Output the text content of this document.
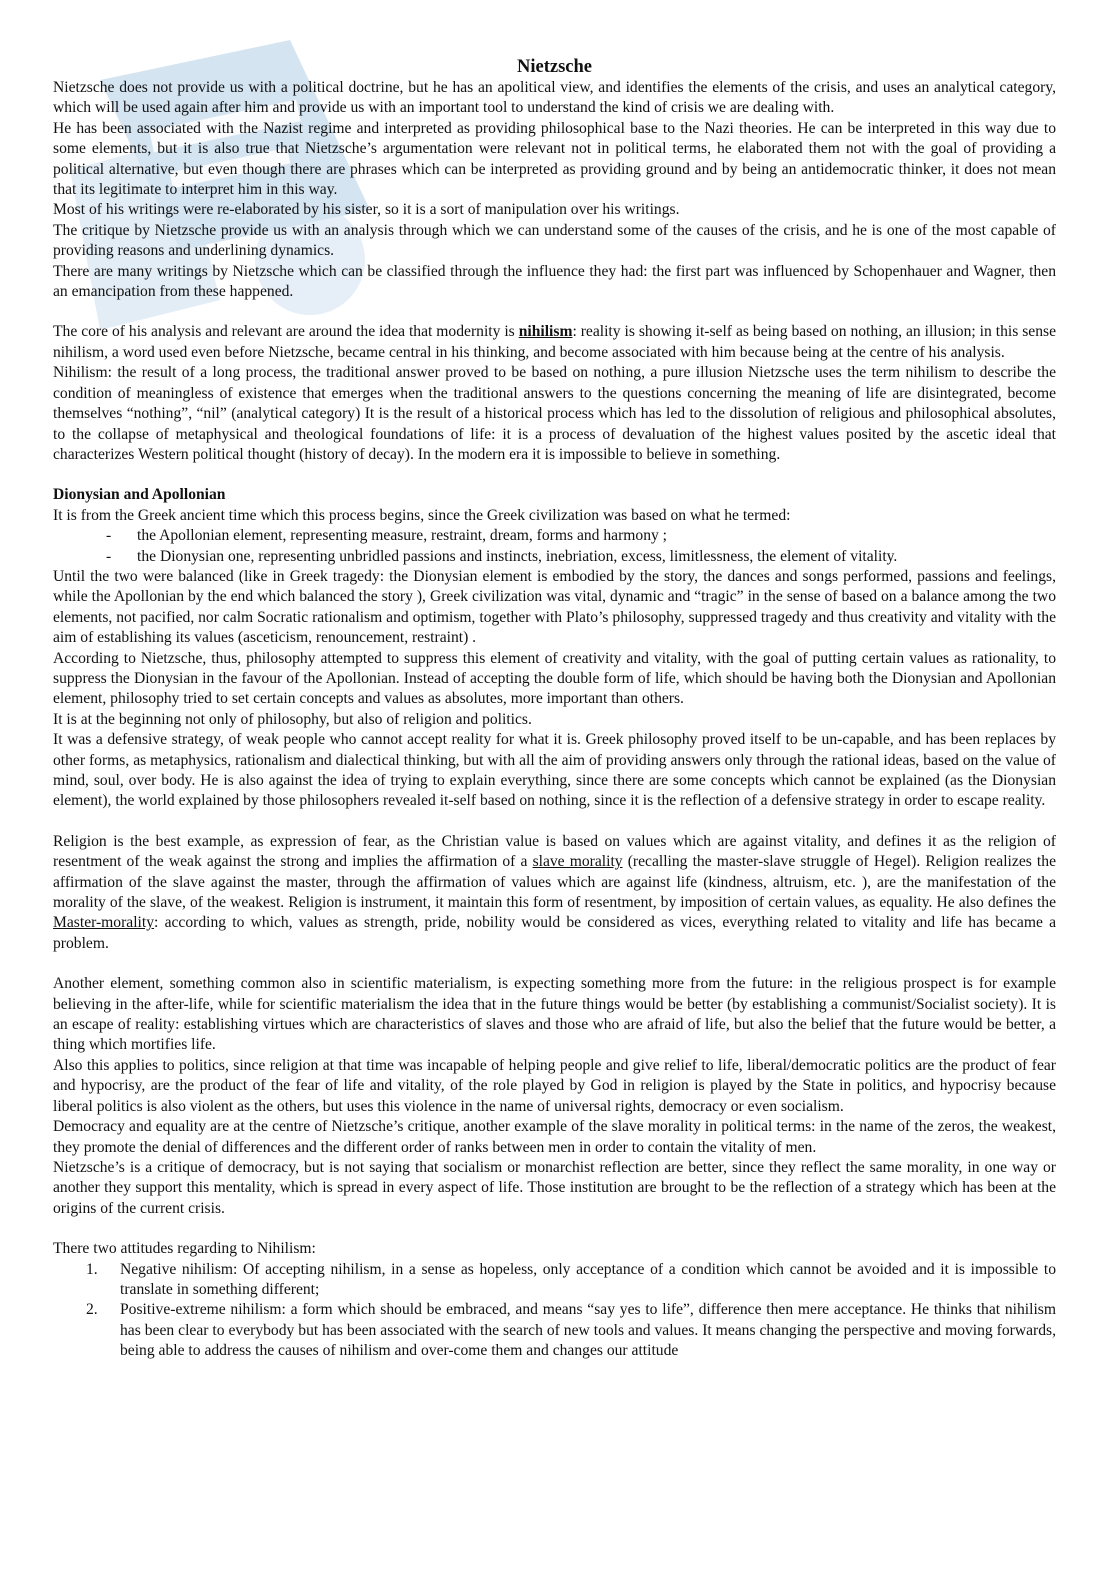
Nietzsche

Nietzsche does not provide us with a political doctrine, but he has an apolitical view, and identifies the elements of the crisis, and uses an analytical category, which will be used again after him and provide us with an important tool to understand the kind of crisis we are dealing with.

He has been associated with the Nazist regime and interpreted as providing philosophical base to the Nazi theories. He can be interpreted in this way due to some elements, but it is also true that Nietzsche’s argumentation were relevant not in political terms, he elaborated them not with the goal of providing a political alternative, but even though there are phrases which can be interpreted as providing ground and by being an antidemocratic thinker, it does not mean that its legitimate to interpret him in this way.

Most of his writings were re-elaborated by his sister, so it is a sort of manipulation over his writings.

The critique by Nietzsche provide us with an analysis through which we can understand some of the causes of the crisis, and he is one of the most capable of providing reasons and underlining dynamics.

There are many writings by Nietzsche which can be classified through the influence they had: the first part was influenced by Schopenhauer and Wagner, then an emancipation from these happened.

The core of his analysis and relevant are around the idea that modernity is nihilism: reality is showing it-self as being based on nothing, an illusion; in this sense nihilism, a word used even before Nietzsche, became central in his thinking, and become associated with him because being at the centre of his analysis.

Nihilism: the result of a long process, the traditional answer proved to be based on nothing, a pure illusion Nietzsche uses the term nihilism to describe the condition of meaningless of existence that emerges when the traditional answers to the questions concerning the meaning of life are disintegrated, become themselves “nothing”, “nil” (analytical category) It is the result of a historical process which has led to the dissolution of religious and philosophical absolutes, to the collapse of metaphysical and theological foundations of life: it is a process of devaluation of the highest values posited by the ascetic ideal that characterizes Western political thought (history of decay). In the modern era it is impossible to believe in something.

Dionysian and Apollonian

It is from the Greek ancient time which this process begins, since the Greek civilization was based on what he termed:

- the Apollonian element, representing measure, restraint, dream, forms and harmony ;
- the Dionysian one, representing unbridled passions and instincts, inebriation, excess, limitlessness, the element of vitality.

Until the two were balanced (like in Greek tragedy: the Dionysian element is embodied by the story, the dances and songs performed, passions and feelings, while the Apollonian by the end which balanced the story ), Greek civilization was vital, dynamic and “tragic” in the sense of based on a balance among the two elements, not pacified, nor calm Socratic rationalism and optimism, together with Plato’s philosophy, suppressed tragedy and thus creativity and vitality with the aim of establishing its values (asceticism, renouncement, restraint) .

According to Nietzsche, thus, philosophy attempted to suppress this element of creativity and vitality, with the goal of putting certain values as rationality, to suppress the Dionysian in the favour of the Apollonian. Instead of accepting the double form of life, which should be having both the Dionysian and Apollonian element, philosophy tried to set certain concepts and values as absolutes, more important than others.

It is at the beginning not only of philosophy, but also of religion and politics.

It was a defensive strategy, of weak people who cannot accept reality for what it is. Greek philosophy proved itself to be un-capable, and has been replaces by other forms, as metaphysics, rationalism and dialectical thinking, but with all the aim of providing answers only through the rational ideas, based on the value of mind, soul, over body. He is also against the idea of trying to explain everything, since there are some concepts which cannot be explained (as the Dionysian element), the world explained by those philosophers revealed it-self based on nothing, since it is the reflection of a defensive strategy in order to escape reality.

Religion is the best example, as expression of fear, as the Christian value is based on values which are against vitality, and defines it as the religion of resentment of the weak against the strong and implies the affirmation of a slave morality (recalling the master-slave struggle of Hegel). Religion realizes the affirmation of the slave against the master, through the affirmation of values which are against life (kindness, altruism, etc. ), are the manifestation of the morality of the slave, of the weakest. Religion is instrument, it maintain this form of resentment, by imposition of certain values, as equality. He also defines the Master-morality: according to which, values as strength, pride, nobility would be considered as vices, everything related to vitality and life has became a problem.

Another element, something common also in scientific materialism, is expecting something more from the future: in the religious prospect is for example believing in the after-life, while for scientific materialism the idea that in the future things would be better (by establishing a communist/Socialist society). It is an escape of reality: establishing virtues which are characteristics of slaves and those who are afraid of life, but also the belief that the future would be better, a thing which mortifies life.

Also this applies to politics, since religion at that time was incapable of helping people and give relief to life, liberal/democratic politics are the product of fear and hypocrisy, are the product of the fear of life and vitality, of the role played by God in religion is played by the State in politics, and hypocrisy because liberal politics is also violent as the others, but uses this violence in the name of universal rights, democracy or even socialism.

Democracy and equality are at the centre of Nietzsche’s critique, another example of the slave morality in political terms: in the name of the zeros, the weakest, they promote the denial of differences and the different order of ranks between men in order to contain the vitality of men.

Nietzsche’s is a critique of democracy, but is not saying that socialism or monarchist reflection are better, since they reflect the same morality, in one way or another they support this mentality, which is spread in every aspect of life. Those institution are brought to be the reflection of a strategy which has been at the origins of the current crisis.

There two attitudes regarding to Nihilism:

1. Negative nihilism: Of accepting nihilism, in a sense as hopeless, only acceptance of a condition which cannot be avoided and it is impossible to translate in something different;
2. Positive-extreme nihilism: a form which should be embraced, and means “say yes to life”, difference then mere acceptance. He thinks that nihilism has been clear to everybody but has been associated with the search of new tools and values. It means changing the perspective and moving forwards, being able to address the causes of nihilism and over-come them and changes our attitude
